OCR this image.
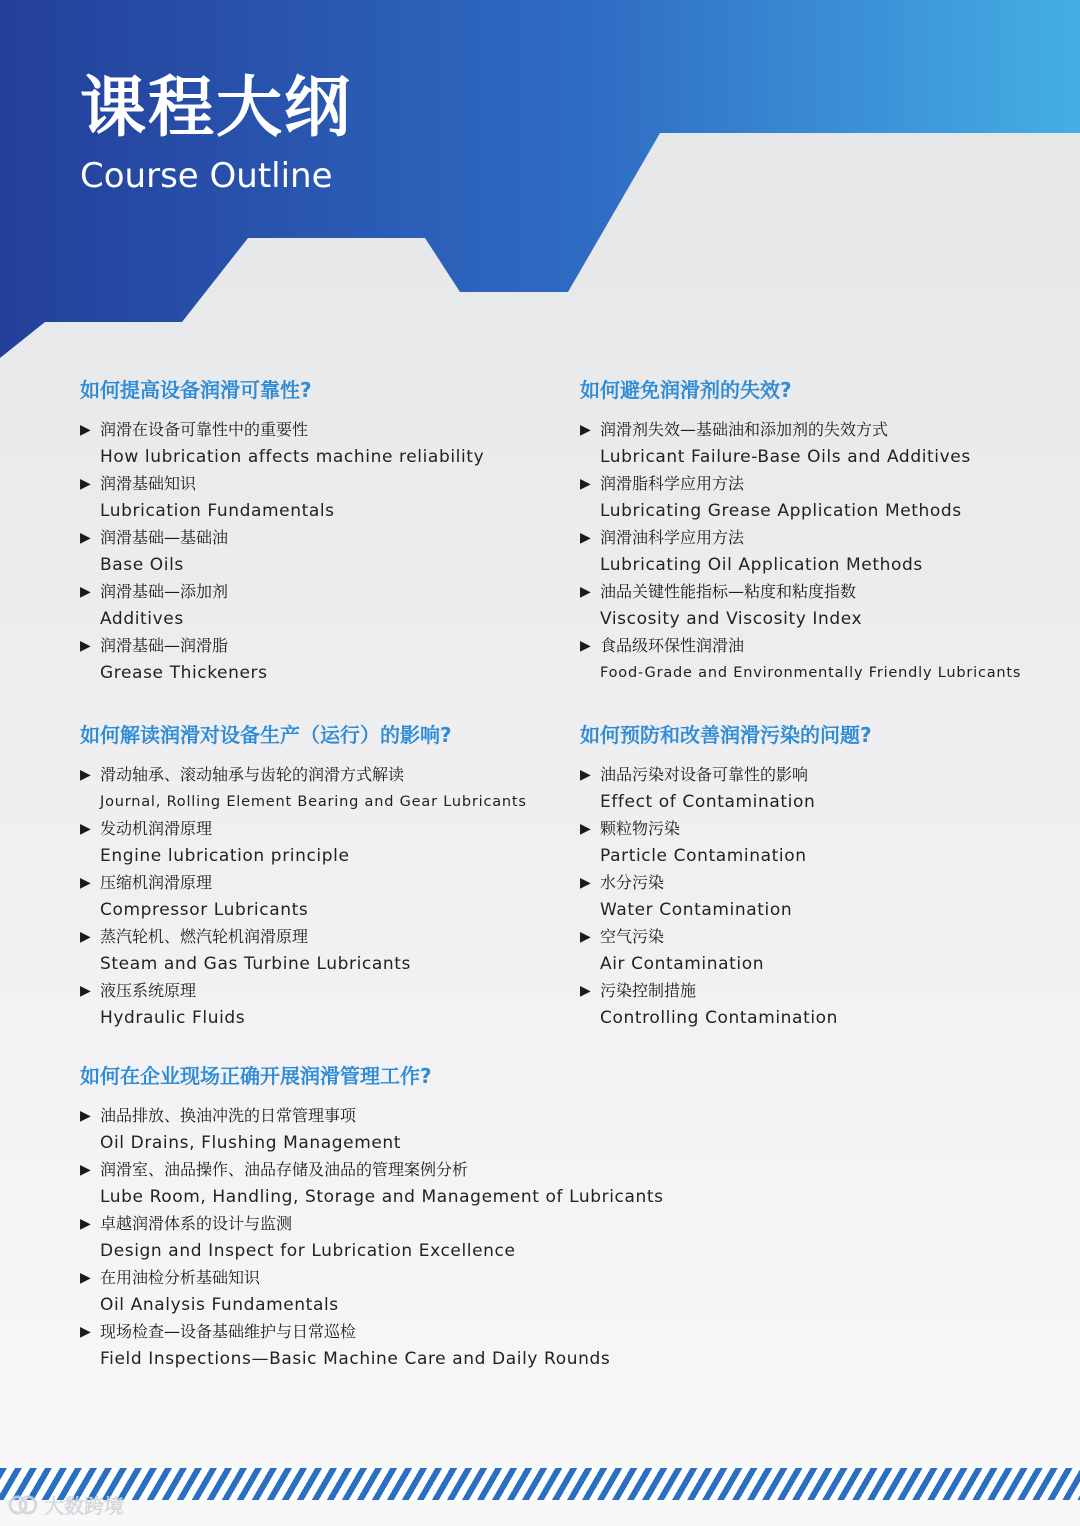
课程大纲
Course Outline
如何提高设备润滑可靠性?
▶ 润滑在设备可靠性中的重要性
How lubrication affects machine reliability
▶ 润滑基础知识
Lubrication Fundamentals
▶ 润滑基础—基础油
Base Oils
▶ 润滑基础—添加剂
Additives
▶ 润滑基础—润滑脂
Grease Thickeners
如何避免润滑剂的失效?
▶ 润滑剂失效—基础油和添加剂的失效方式
Lubricant Failure-Base Oils and Additives
▶ 润滑脂科学应用方法
Lubricating Grease Application Methods
▶ 润滑油科学应用方法
Lubricating Oil Application Methods
▶ 油品关键性能指标—粘度和粘度指数
Viscosity and Viscosity Index
▶ 食品级环保性润滑油
Food-Grade and Environmentally Friendly Lubricants
如何解读润滑对设备生产（运行）的影响?
▶ 滑动轴承、滚动轴承与齿轮的润滑方式解读
Journal, Rolling Element Bearing and Gear Lubricants
▶ 发动机润滑原理
Engine lubrication principle
▶ 压缩机润滑原理
Compressor Lubricants
▶ 蒸汽轮机、燃汽轮机润滑原理
Steam and Gas Turbine Lubricants
▶ 液压系统原理
Hydraulic Fluids
如何预防和改善润滑污染的问题?
▶ 油品污染对设备可靠性的影响
Effect of Contamination
▶ 颗粒物污染
Particle Contamination
▶ 水分污染
Water Contamination
▶ 空气污染
Air Contamination
▶ 污染控制措施
Controlling Contamination
如何在企业现场正确开展润滑管理工作?
▶ 油品排放、换油冲洗的日常管理事项
Oil Drains, Flushing Management
▶ 润滑室、油品操作、油品存储及油品的管理案例分析
Lube Room, Handling, Storage and Management of Lubricants
▶ 卓越润滑体系的设计与监测
Design and Inspect for Lubrication Excellence
▶ 在用油检分析基础知识
Oil Analysis Fundamentals
▶ 现场检查—设备基础维护与日常巡检
Field Inspections—Basic Machine Care and Daily Rounds
大数跨境
